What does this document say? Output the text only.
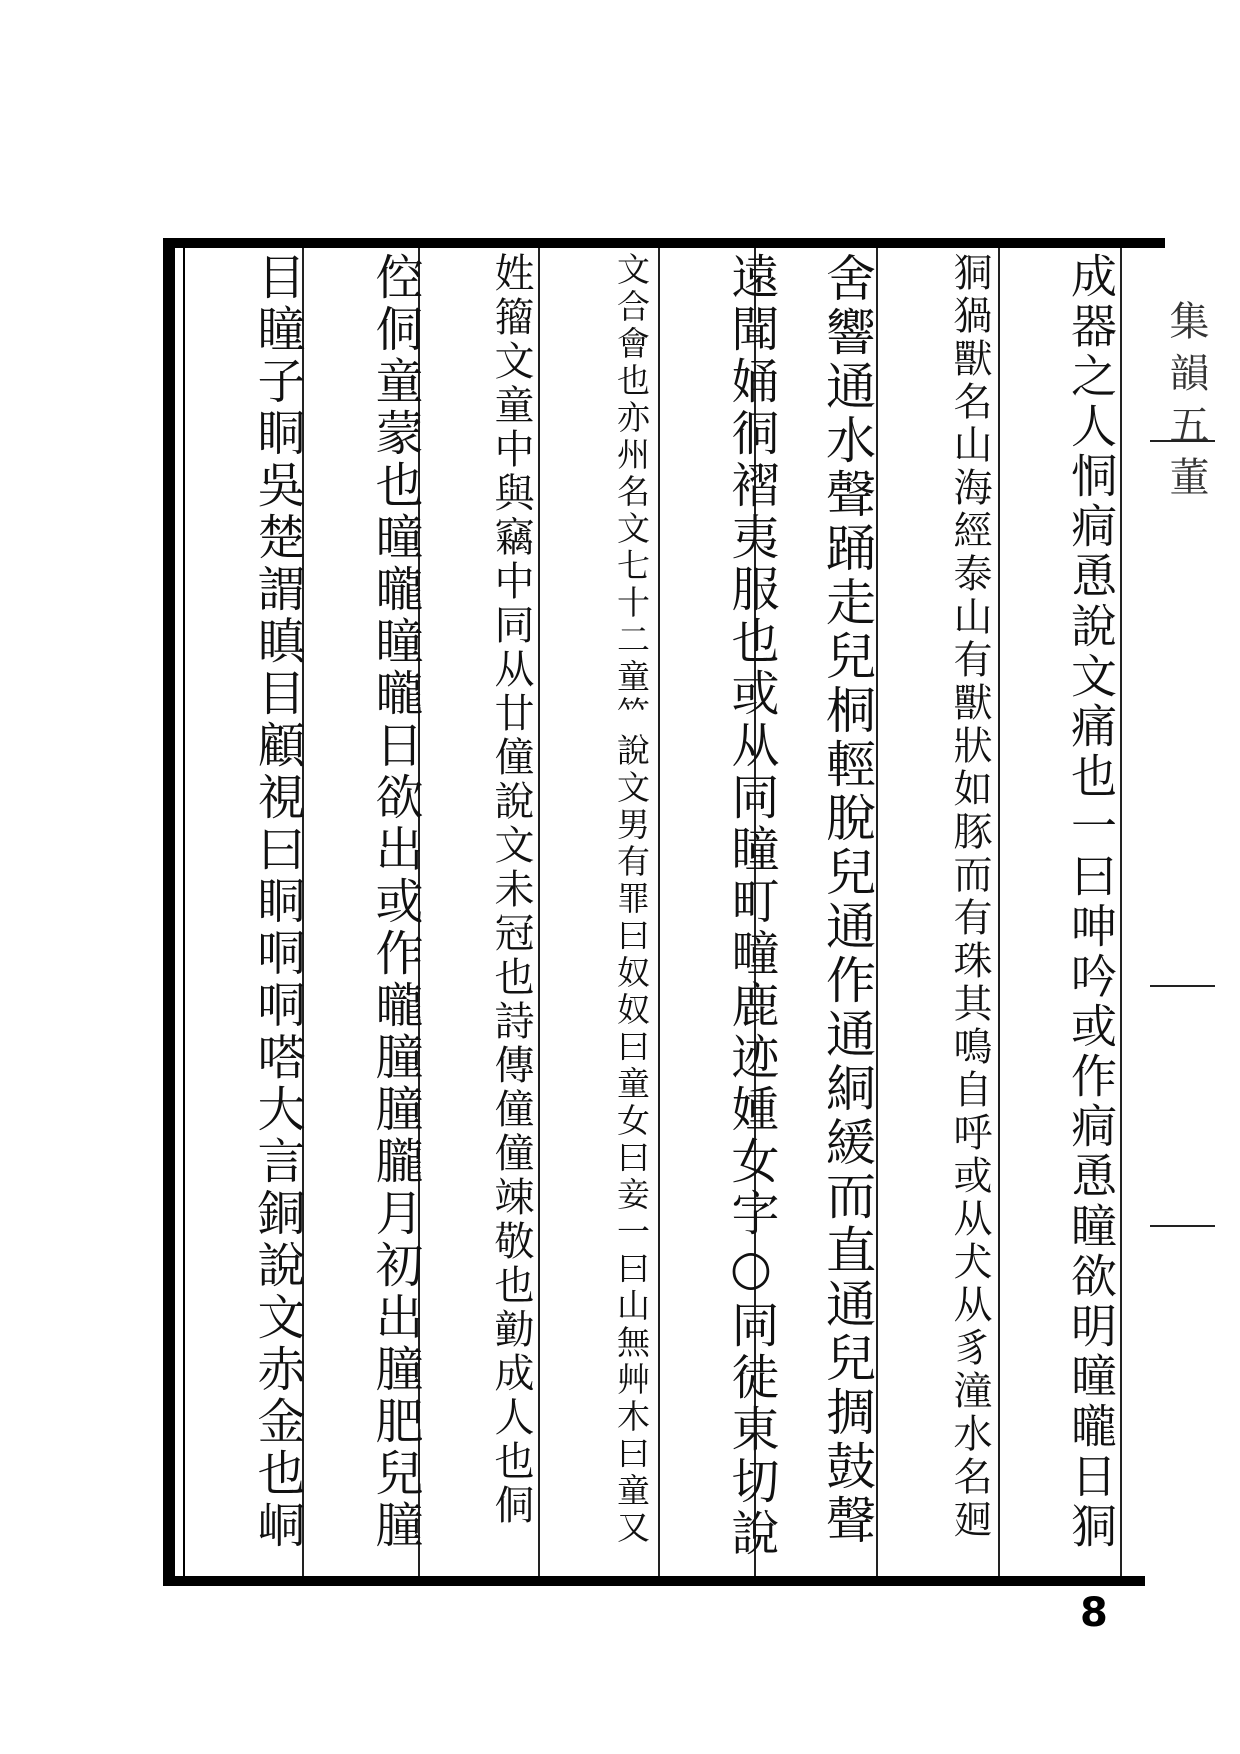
成器之人恫痌恿說文痛也一曰呻吟或作痌恿瞳欲明曈曨日狪
狪猧獸名山海經泰山有獸狀如豚而有珠其鳴自呼或从犬从豸潼水名㢠
舍響通水聲踊走兒桐輕脫兒通作通絧緩而直通兒㨄鼓聲
遠聞㛚㣚褶夷服也或从同瞳町疃鹿迹媑女字○同徒東切說
文合會也亦州名文七十二童𥫗說文男有罪曰奴奴曰童女曰妾一曰山無艸木曰童又
姓籀文童中與竊中同从廿僮說文未冠也詩傳僮僮竦敬也勭成人也侗
倥侗童蒙也曈曨瞳曨日欲出或作曨朣朣朧月初出朣肥兒朣
目瞳子眮吳楚謂瞋目顧視曰眮哃哃嗒大言銅說文赤金也峒	集韻五董
8
